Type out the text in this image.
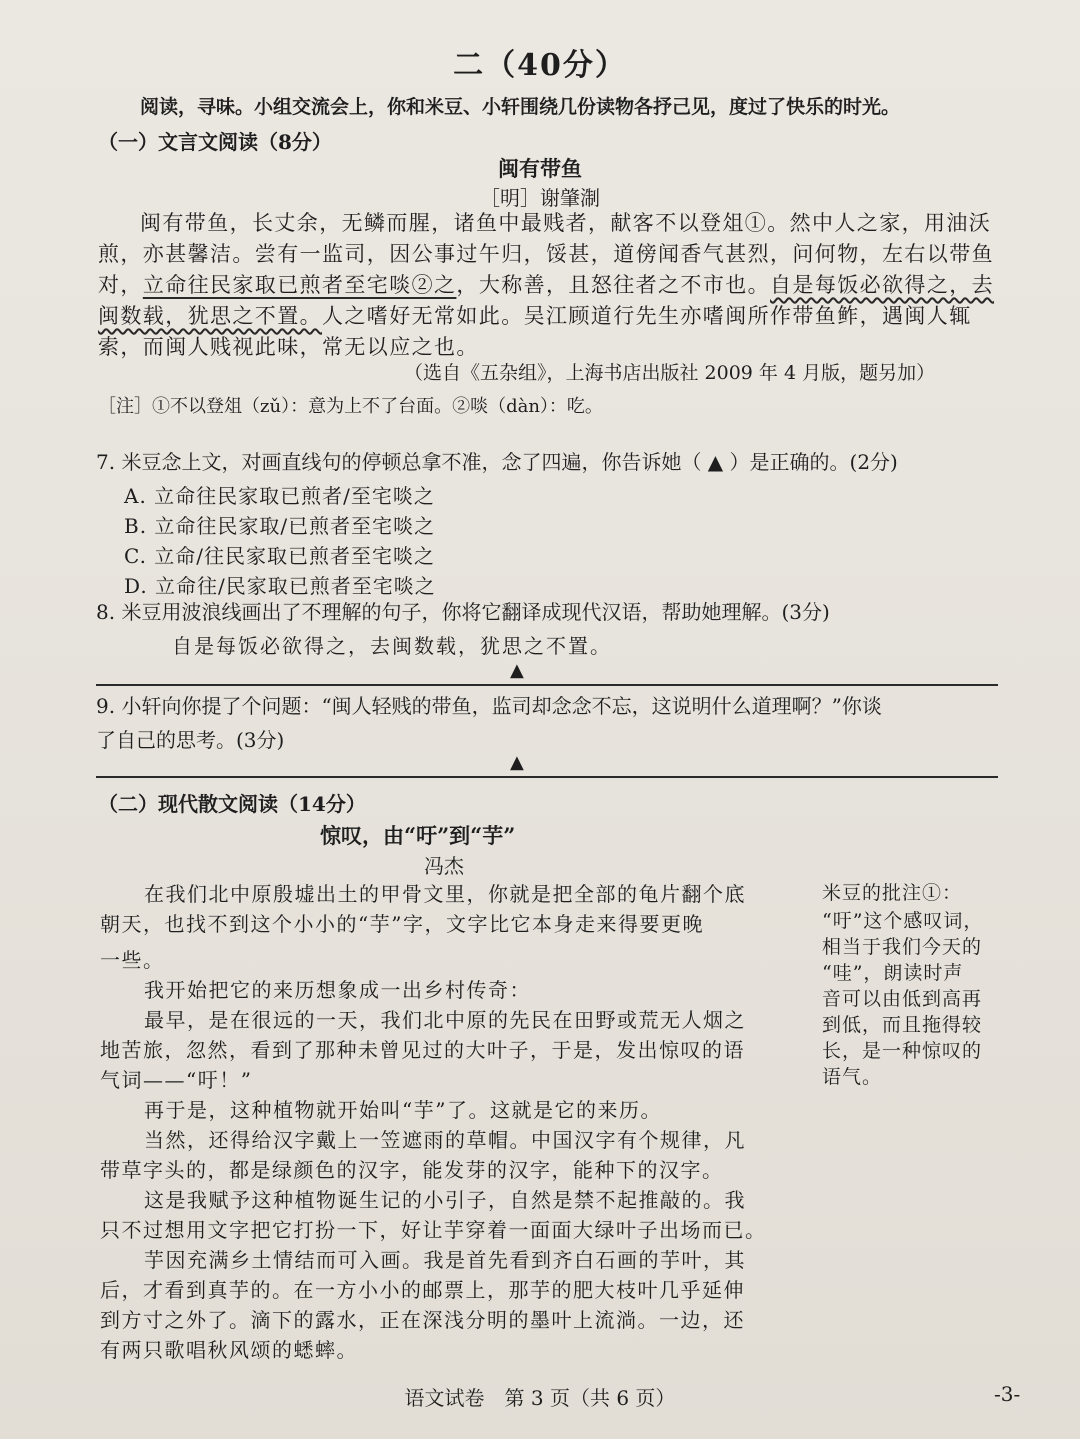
二（40分）
阅读，寻味。小组交流会上，你和米豆、小轩围绕几份读物各抒己见，度过了快乐的时光。
（一）文言文阅读（8分）
闽有带鱼
［明］谢肇淛
闽有带鱼，长丈余，无鳞而腥，诸鱼中最贱者，献客不以登俎①。然中人之家，用油沃
煎，亦甚馨洁。尝有一监司，因公事过午归，馁甚，道傍闻香气甚烈，问何物，左右以带鱼
对，立命往民家取已煎者至宅啖②之，大称善，且怒往者之不市也。自是每饭必欲得之，去
闽数载，犹思之不置。人之嗜好无常如此。吴江顾道行先生亦嗜闽所作带鱼鲊，遇闽人辄
索，而闽人贱视此味，常无以应之也。
（选自《五杂组》，上海书店出版社 2009 年 4 月版，题另加）
［注］①不以登俎（zǔ）：意为上不了台面。②啖（dàn）：吃。
7. 米豆念上文，对画直线句的停顿总拿不准，念了四遍，你告诉她（ ▲ ）是正确的。(2分)
A. 立命往民家取已煎者/至宅啖之
B. 立命往民家取/已煎者至宅啖之
C. 立命/往民家取已煎者至宅啖之
D. 立命往/民家取已煎者至宅啖之
8. 米豆用波浪线画出了不理解的句子，你将它翻译成现代汉语，帮助她理解。(3分)
自是每饭必欲得之，去闽数载，犹思之不置。
▲
9. 小轩向你提了个问题：“闽人轻贱的带鱼，监司却念念不忘，这说明什么道理啊？”你谈
了自己的思考。(3分)
▲
（二）现代散文阅读（14分）
惊叹，由“吁”到“芋”
冯杰
在我们北中原殷墟出土的甲骨文里，你就是把全部的龟片翻个底
朝天，也找不到这个小小的“芋”字，文字比它本身走来得要更晚
一些。
我开始把它的来历想象成一出乡村传奇：
最早，是在很远的一天，我们北中原的先民在田野或荒无人烟之
地苦旅，忽然，看到了那种未曾见过的大叶子，于是，发出惊叹的语
气词——“吁！”
再于是，这种植物就开始叫“芋”了。这就是它的来历。
当然，还得给汉字戴上一笠遮雨的草帽。中国汉字有个规律，凡
带草字头的，都是绿颜色的汉字，能发芽的汉字，能种下的汉字。
这是我赋予这种植物诞生记的小引子，自然是禁不起推敲的。我
只不过想用文字把它打扮一下，好让芋穿着一面面大绿叶子出场而已。
芋因充满乡土情结而可入画。我是首先看到齐白石画的芋叶，其
后，才看到真芋的。在一方小小的邮票上，那芋的肥大枝叶几乎延伸
到方寸之外了。滴下的露水，正在深浅分明的墨叶上流淌。一边，还
有两只歌唱秋风颂的蟋蟀。
米豆的批注①：
“吁”这个感叹词，
相当于我们今天的
“哇”，朗读时声
音可以由低到高再
到低，而且拖得较
长，是一种惊叹的
语气。
语文试卷　第 3 页（共 6 页）	-3-
